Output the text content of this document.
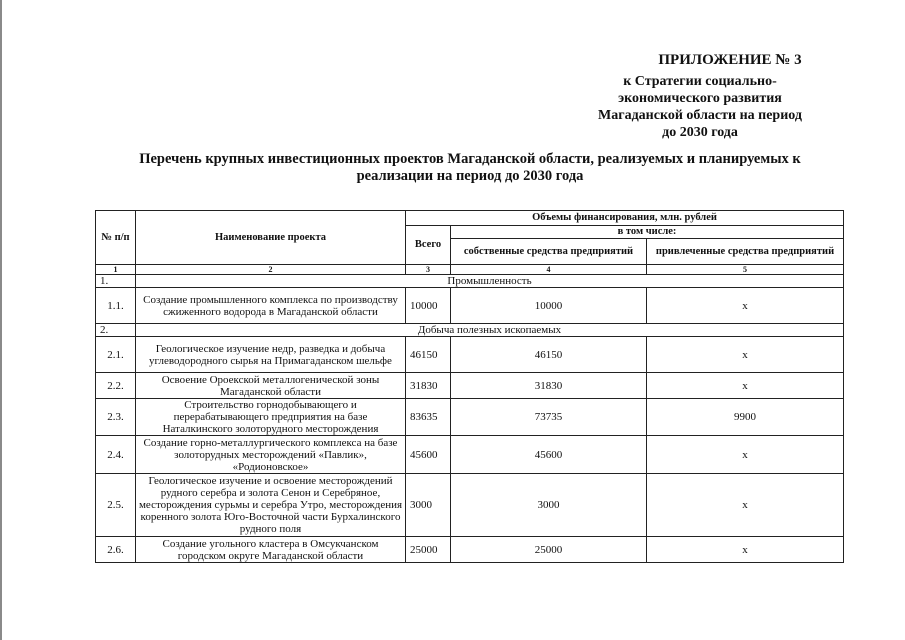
ПРИЛОЖЕНИЕ № 3
к Стратегии социально-
экономического развития
Магаданской области на период
до 2030 года
Перечень крупных инвестиционных проектов Магаданской области, реализуемых и планируемых к
реализации на период до 2030 года
№ п/п	Наименование проекта	Объемы финансирования, млн. рублей		
		Всего	в том числе:	
			собственные средства предприятий	привлеченные средства предприятий
1	2	3	4	5
1.	Промышленность			
1.1.	Создание промышленного комплекса по производству сжиженного водорода в Магаданской области	10000	10000	x
2.	Добыча полезных ископаемых			
2.1.	Геологическое изучение недр, разведка и добыча углеводородного сырья на Примагаданском шельфе	46150	46150	x
2.2.	Освоение Ороекской металлогенической зоны Магаданской области	31830	31830	x
2.3.	Строительство горнодобывающего и перерабатывающего предприятия на базе Наталкинского золоторудного месторождения	83635	73735	9900
2.4.	Создание горно-металлургического комплекса на базе золоторудных месторождений «Павлик», «Родионовское»	45600	45600	x
2.5.	Геологическое изучение и освоение месторождений рудного серебра и золота Сенон и Серебряное, месторождения сурьмы и серебра Утро, месторождения коренного золота Юго-Восточной части Бурхалинского рудного поля	3000	3000	x
2.6.	Создание угольного кластера в Омсукчанском городском округе Магаданской области	25000	25000	x
